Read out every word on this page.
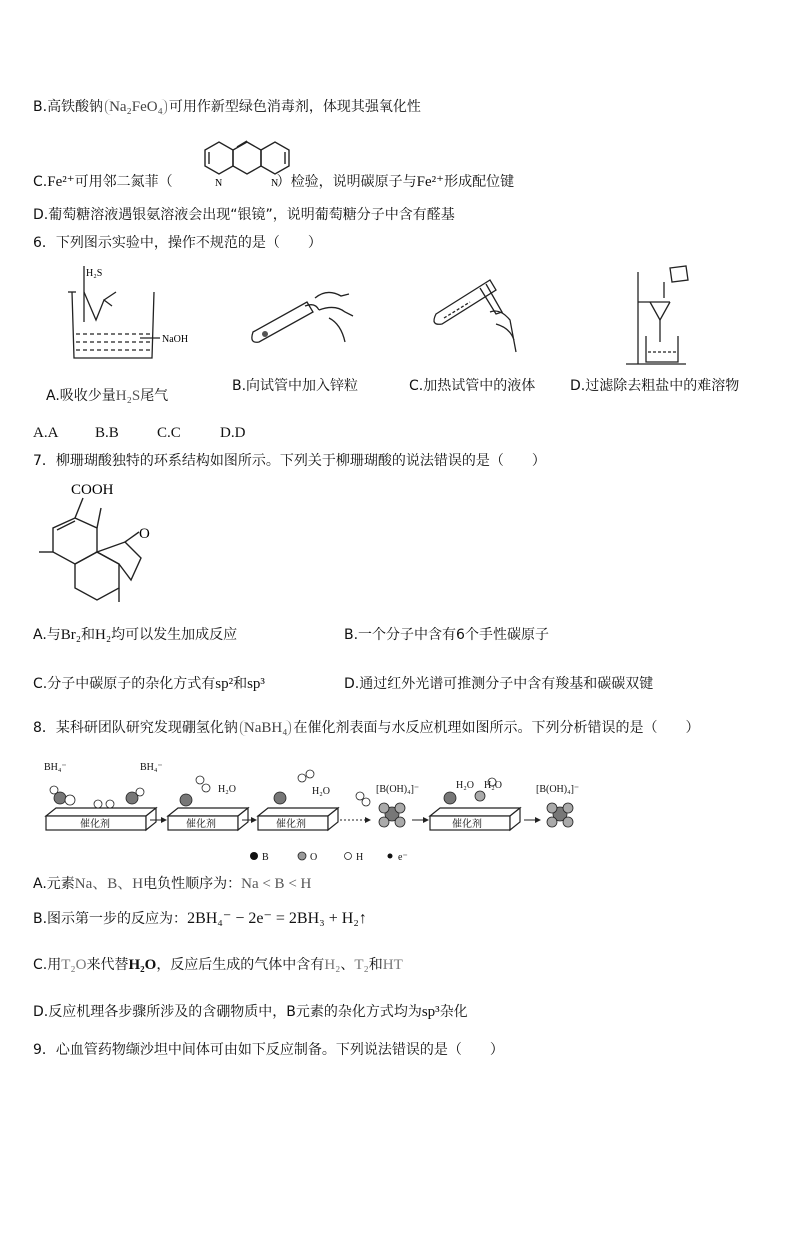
B.高铁酸钠 Na₂FeO₄ 可用作新型绿色消毒剂，体现其强氧化性
N	N
C.Fe²⁺可用邻二氮菲（	）检验，说明碳原子与Fe²⁺形成配位键
D.葡萄糖溶液遇银氨溶液会出现“银镜”，说明葡萄糖分子中含有醛基
6．下列图示实验中，操作不规范的是（　　）
H₂S
NaOH
A.吸收少量H₂S尾气
B.向试管中加入锌粒	C.加热试管中的液体 D.过滤除去粗盐中的难溶物
A.A B.B	C.C	D.D
7．柳珊瑚酸独特的环系结构如图所示。下列关于柳珊瑚酸的说法错误的是（　　）
COOH
O
A.与Br₂和H₂均可以发生加成反应	B.一个分子中含有6个手性碳原子
C.分子中碳原子的杂化方式有sp²和sp³	D.通过红外光谱可推测分子中含有羧基和碳碳双键
8．某科研团队研究发现硼氢化钠 NaBH₄ 在催化剂表面与水反应机理如图所示。下列分析错误的是（　　）
催化剂	催化剂	催化剂	催化剂
BH₄⁻	BH₄⁻
H₂O	H₂O
H₂O H₂O
[B(OH)₄]⁻	[B(OH)₄]⁻
B	O	H	e⁻
A.元素Na、B、H电负性顺序为：Na < B < H
B.图示第一步的反应为：2BH₄⁻ − 2e⁻ = 2BH₃ + H₂↑
C.用T₂O来代替H₂O，反应后生成的气体中含有H₂、T₂和HT
D.反应机理各步骤所涉及的含硼物质中，B元素的杂化方式均为sp³杂化
9．心血管药物缬沙坦中间体可由如下反应制备。下列说法错误的是（　　）
